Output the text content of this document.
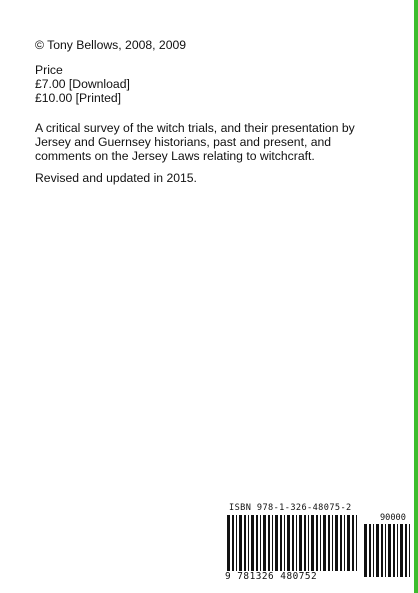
© Tony Bellows, 2008, 2009
Price
£7.00 [Download]
£10.00 [Printed]
A critical survey of the witch trials, and their presentation by
Jersey and Guernsey historians, past and present, and
comments on the Jersey Laws relating to witchcraft.
Revised and updated in 2015.
ISBN 978-1-326-48075-2
90000
9 781326 480752
